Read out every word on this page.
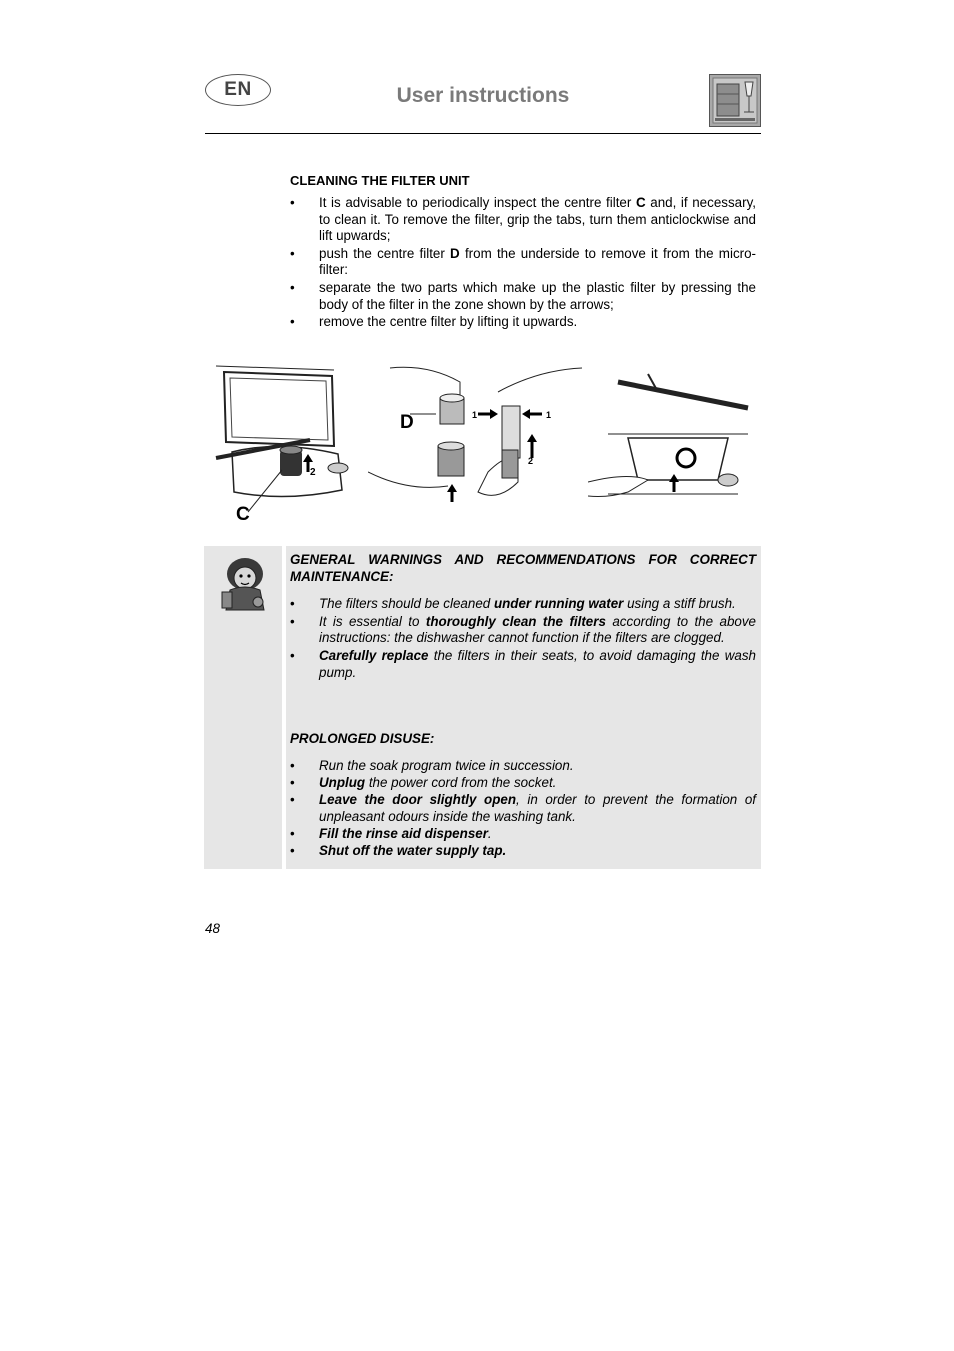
EN	User instructions
CLEANING THE FILTER UNIT
• It is advisable to periodically inspect the centre filter C and, if necessary, to clean it. To remove the filter, grip the tabs, turn them anticlockwise and lift upwards;
• push the centre filter D from the underside to remove it from the micro-filter:
• separate the two parts which make up the plastic filter by pressing the body of the filter in the zone shown by the arrows;
• remove the centre filter by lifting it upwards.
2
C
D	1	1
2
GENERAL WARNINGS AND RECOMMENDATIONS FOR CORRECT MAINTENANCE:
• The filters should be cleaned under running water using a stiff brush.
• It is essential to thoroughly clean the filters according to the above instructions: the dishwasher cannot function if the filters are clogged.
• Carefully replace the filters in their seats, to avoid damaging the wash pump.
PROLONGED DISUSE:
• Run the soak program twice in succession.
• Unplug the power cord from the socket.
• Leave the door slightly open, in order to prevent the formation of unpleasant odours inside the washing tank.
• Fill the rinse aid dispenser.
• Shut off the water supply tap.
48
